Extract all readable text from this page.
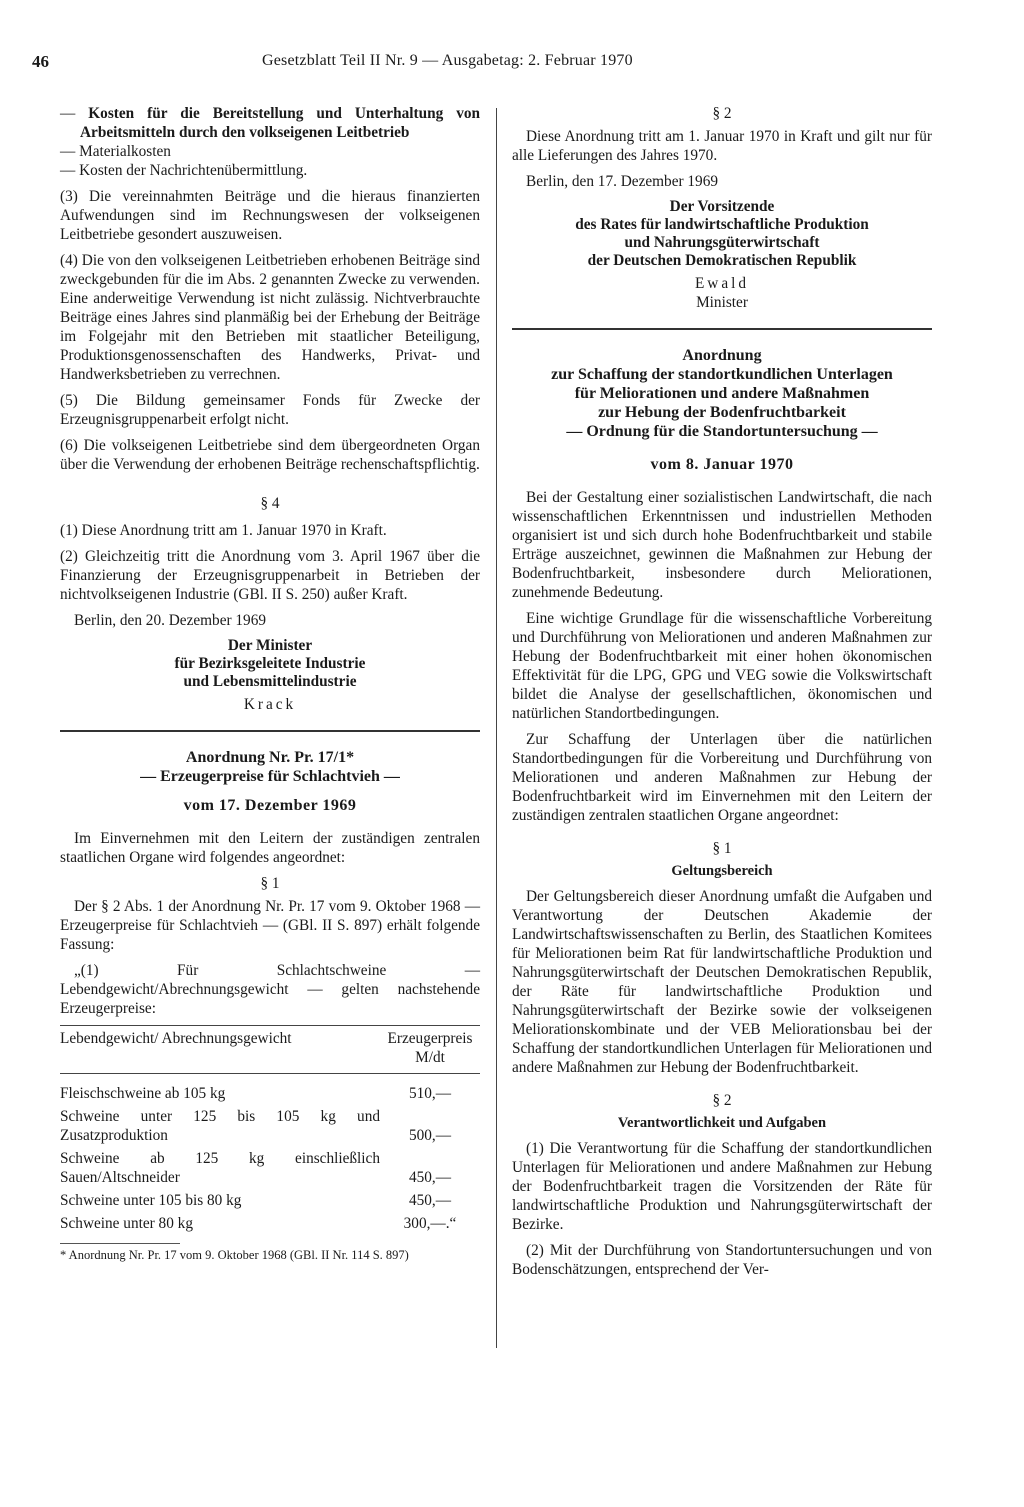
46	Gesetzblatt Teil II Nr. 9 — Ausgabetag: 2. Februar 1970

— Kosten für die Bereitstellung und Unterhaltung von Arbeitsmitteln durch den volkseigenen Leitbetrieb

— Materialkosten

— Kosten der Nachrichtenübermittlung.

(3) Die vereinnahmten Beiträge und die hieraus finanzierten Aufwendungen sind im Rechnungswesen der volkseigenen Leitbetriebe gesondert auszuweisen.

(4) Die von den volkseigenen Leitbetrieben erhobenen Beiträge sind zweckgebunden für die im Abs. 2 genannten Zwecke zu verwenden. Eine anderweitige Verwendung ist nicht zulässig. Nichtverbrauchte Beiträge eines Jahres sind planmäßig bei der Erhebung der Beiträge im Folgejahr mit den Betrieben mit staatlicher Beteiligung, Produktionsgenossenschaften des Handwerks, Privat- und Handwerksbetrieben zu verrechnen.

(5) Die Bildung gemeinsamer Fonds für Zwecke der Erzeugnisgruppenarbeit erfolgt nicht.

(6) Die volkseigenen Leitbetriebe sind dem übergeordneten Organ über die Verwendung der erhobenen Beiträge rechenschaftspflichtig.

§ 4

(1) Diese Anordnung tritt am 1. Januar 1970 in Kraft.

(2) Gleichzeitig tritt die Anordnung vom 3. April 1967 über die Finanzierung der Erzeugnisgruppenarbeit in Betrieben der nichtvolkseigenen Industrie (GBl. II S. 250) außer Kraft.

Berlin, den 20. Dezember 1969

Der Minister

für Bezirksgeleitete Industrie

und Lebensmittelindustrie

Krack

Anordnung Nr. Pr. 17/1*

— Erzeugerpreise für Schlachtvieh —

vom 17. Dezember 1969

Im Einvernehmen mit den Leitern der zuständigen zentralen staatlichen Organe wird folgendes angeordnet:

§ 1

Der § 2 Abs. 1 der Anordnung Nr. Pr. 17 vom 9. Oktober 1968 — Erzeugerpreise für Schlachtvieh — (GBl. II S. 897) erhält folgende Fassung:

„(1) Für Schlachtschweine — Lebendgewicht/Abrechnungsgewicht — gelten nachstehende Erzeugerpreise:

Lebendgewicht/ Abrechnungsgewicht	Erzeugerpreis M/dt
Fleischschweine ab 105 kg	510,—
Schweine unter 125 bis 105 kg und Zusatzproduktion	500,—
Schweine ab 125 kg einschließlich Sauen/Altschneider	450,—
Schweine unter 105 bis 80 kg	450,—
Schweine unter 80 kg	300,—.“
* Anordnung Nr. Pr. 17 vom 9. Oktober 1968 (GBl. II Nr. 114 S. 897)

§ 2

Diese Anordnung tritt am 1. Januar 1970 in Kraft und gilt nur für alle Lieferungen des Jahres 1970.

Berlin, den 17. Dezember 1969

Der Vorsitzende

des Rates für landwirtschaftliche Produktion

und Nahrungsgüterwirtschaft

der Deutschen Demokratischen Republik

Ewald

Minister

Anordnung

zur Schaffung der standortkundlichen Unterlagen

für Meliorationen und andere Maßnahmen

zur Hebung der Bodenfruchtbarkeit

— Ordnung für die Standortuntersuchung —

vom 8. Januar 1970

Bei der Gestaltung einer sozialistischen Landwirtschaft, die nach wissenschaftlichen Erkenntnissen und industriellen Methoden organisiert ist und sich durch hohe Bodenfruchtbarkeit und stabile Erträge auszeichnet, gewinnen die Maßnahmen zur Hebung der Bodenfruchtbarkeit, insbesondere durch Meliorationen, zunehmende Bedeutung.

Eine wichtige Grundlage für die wissenschaftliche Vorbereitung und Durchführung von Meliorationen und anderen Maßnahmen zur Hebung der Bodenfruchtbarkeit mit einer hohen ökonomischen Effektivität für die LPG, GPG und VEG sowie die Volkswirtschaft bildet die Analyse der gesellschaftlichen, ökonomischen und natürlichen Standortbedingungen.

Zur Schaffung der Unterlagen über die natürlichen Standortbedingungen für die Vorbereitung und Durchführung von Meliorationen und anderen Maßnahmen zur Hebung der Bodenfruchtbarkeit wird im Einvernehmen mit den Leitern der zuständigen zentralen staatlichen Organe angeordnet:

§ 1

Geltungsbereich

Der Geltungsbereich dieser Anordnung umfaßt die Aufgaben und Verantwortung der Deutschen Akademie der Landwirtschaftswissenschaften zu Berlin, des Staatlichen Komitees für Meliorationen beim Rat für landwirtschaftliche Produktion und Nahrungsgüterwirtschaft der Deutschen Demokratischen Republik, der Räte für landwirtschaftliche Produktion und Nahrungsgüterwirtschaft der Bezirke sowie der volkseigenen Meliorationskombinate und der VEB Meliorationsbau bei der Schaffung der standortkundlichen Unterlagen für Meliorationen und andere Maßnahmen zur Hebung der Bodenfruchtbarkeit.

§ 2

Verantwortlichkeit und Aufgaben

(1) Die Verantwortung für die Schaffung der standortkundlichen Unterlagen für Meliorationen und andere Maßnahmen zur Hebung der Bodenfruchtbarkeit tragen die Vorsitzenden der Räte für landwirtschaftliche Produktion und Nahrungsgüterwirtschaft der Bezirke.

(2) Mit der Durchführung von Standortuntersuchungen und von Bodenschätzungen, entsprechend der Ver-
